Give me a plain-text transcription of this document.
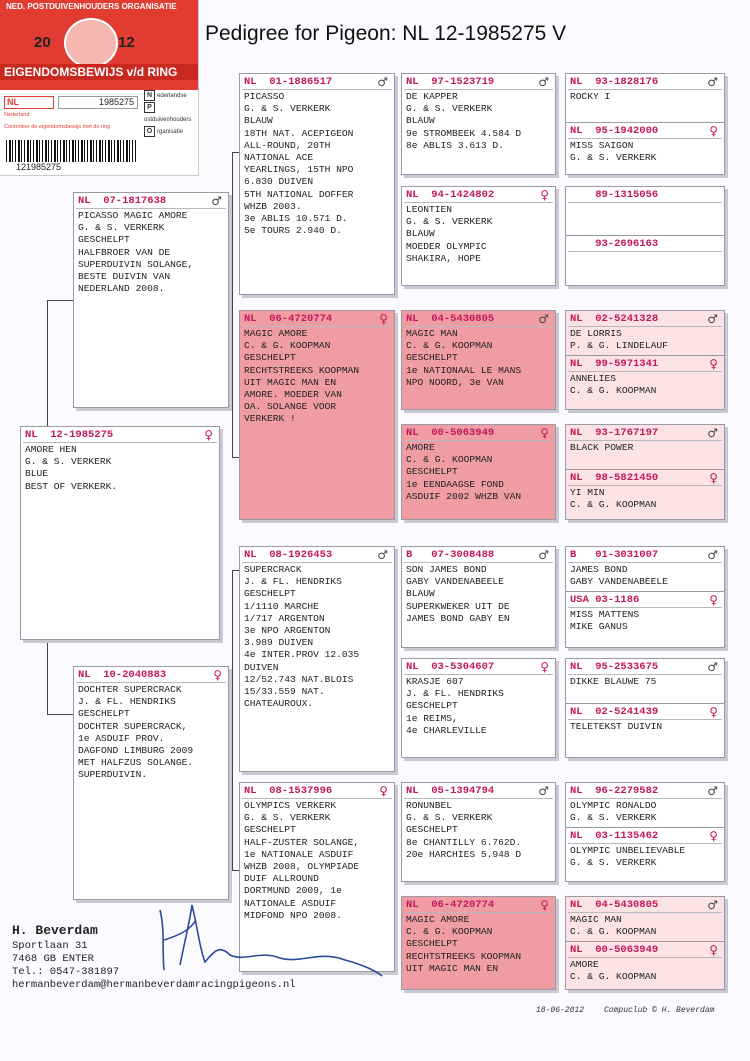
NED. POSTDUIVENHOUDERS ORGANISATIE
20	12
EIGENDOMSBEWIJS v/d RING
NL	1985275
Nederland
Controleer de eigendomsbewijs met de ring
N ederlandse
Postduivenhouders
O rganisatie
121985275
Pedigree for Pigeon: NL 12-1985275 V
NL  12-1985275	♀
AMORE HEN
G. & S. VERKERK
BLUE
BEST OF VERKERK.
NL  07-1817638	♂
PICASSO MAGIC AMORE
G. & S. VERKERK
GESCHELPT
HALFBROER VAN DE
SUPERDUIVIN SOLANGE,
BESTE DUIVIN VAN
NEDERLAND 2008.
NL  10-2040883	♀
DOCHTER SUPERCRACK
J. & FL. HENDRIKS
GESCHELPT
DOCHTER SUPERCRACK,
1e ASDUIF PROV.
DAGFOND LIMBURG 2009
MET HALFZUS SOLANGE.
SUPERDUIVIN.
NL  01-1886517	♂
PICASSO
G. & S. VERKERK
BLAUW
18TH NAT. ACEPIGEON
ALL-ROUND, 20TH
NATIONAL ACE
YEARLINGS, 15TH NPO
6.830 DUIVEN
5TH NATIONAL DOFFER
WHZB 2003.
3e ABLIS 10.571 D.
5e TOURS 2.940 D.
NL  06-4720774	♀
MAGIC AMORE
C. & G. KOOPMAN
GESCHELPT
RECHTSTREEKS KOOPMAN
UIT MAGIC MAN EN
AMORE. MOEDER VAN
OA. SOLANGE VOOR
VERKERK !
NL  08-1926453	♂
SUPERCRACK
J. & FL. HENDRIKS
GESCHELPT
1/1110 MARCHE
1/717 ARGENTON
3e NPO ARGENTON
3.989 DUIVEN
4e INTER.PROV 12.035
DUIVEN
12/52.743 NAT.BLOIS
15/33.559 NAT.
CHATEAUROUX.
NL  08-1537996	♀
OLYMPICS VERKERK
G. & S. VERKERK
GESCHELPT
HALF-ZUSTER SOLANGE,
1e NATIONALE ASDUIF
WHZB 2008, OLYMPIADE
DUIF ALLROUND
DORTMUND 2009, 1e
NATIONALE ASDUIF
MIDFOND NPO 2008.
NL  97-1523719	♂
DE KAPPER
G. & S. VERKERK
BLAUW
9e STROMBEEK 4.584 D
8e ABLIS 3.613 D.
NL  94-1424802	♀
LEONTIEN
G. & S. VERKERK
BLAUW
MOEDER OLYMPIC
SHAKIRA, HOPE
NL  04-5430805	♂
MAGIC MAN
C. & G. KOOPMAN
GESCHELPT
1e NATIONAAL LE MANS
NPO NOORD, 3e VAN
NL  00-5063949	♀
AMORE
C. & G. KOOPMAN
GESCHELPT
1e EENDAAGSE FOND
ASDUIF 2002 WHZB VAN
B   07-3008488	♂
SON JAMES BOND
GABY VANDENABEELE
BLAUW
SUPERKWEKER UIT DE
JAMES BOND GABY EN
NL  03-5304607	♀
KRASJE 607
J. & FL. HENDRIKS
GESCHELPT
1e REIMS,
4e CHARLEVILLE
NL  05-1394794	♂
RONUNBEL
G. & S. VERKERK
GESCHELPT
8e CHANTILLY 6.762D.
20e HARCHIES 5.948 D
NL  06-4720774	♀
MAGIC AMORE
C. & G. KOOPMAN
GESCHELPT
RECHTSTREEKS KOOPMAN
UIT MAGIC MAN EN
NL  93-1828176	♂
ROCKY I
NL  95-1942000	♀
MISS SAIGON
G. & S. VERKERK
89-1315056
93-2696163
NL  02-5241328	♂
DE LORRIS
P. & G. LINDELAUF
NL  99-5971341	♀
ANNELIES
C. & G. KOOPMAN
NL  93-1767197	♂
BLACK POWER
NL  98-5821450	♀
YI MIN
C. & G. KOOPMAN
B   01-3031007	♂
JAMES BOND
GABY VANDENABEELE
USA 03-1186	♀
MISS MATTENS
MIKE GANUS
NL  95-2533675	♂
DIKKE BLAUWE 75
NL  02-5241439	♀
TELETEKST DUIVIN
NL  96-2279582	♂
OLYMPIC RONALDO
G. & S. VERKERK
NL  03-1135462	♀
OLYMPIC UNBELIEVABLE
G. & S. VERKERK
NL  04-5430805	♂
MAGIC MAN
C. & G. KOOPMAN
NL  00-5063949	♀
AMORE
C. & G. KOOPMAN
H. Beverdam
Sportlaan 31
7468 GB ENTER
Tel.: 0547-381897
hermanbeverdam@hermanbeverdamracingpigeons.nl
18-06-2012 Compuclub © H. Beverdam
